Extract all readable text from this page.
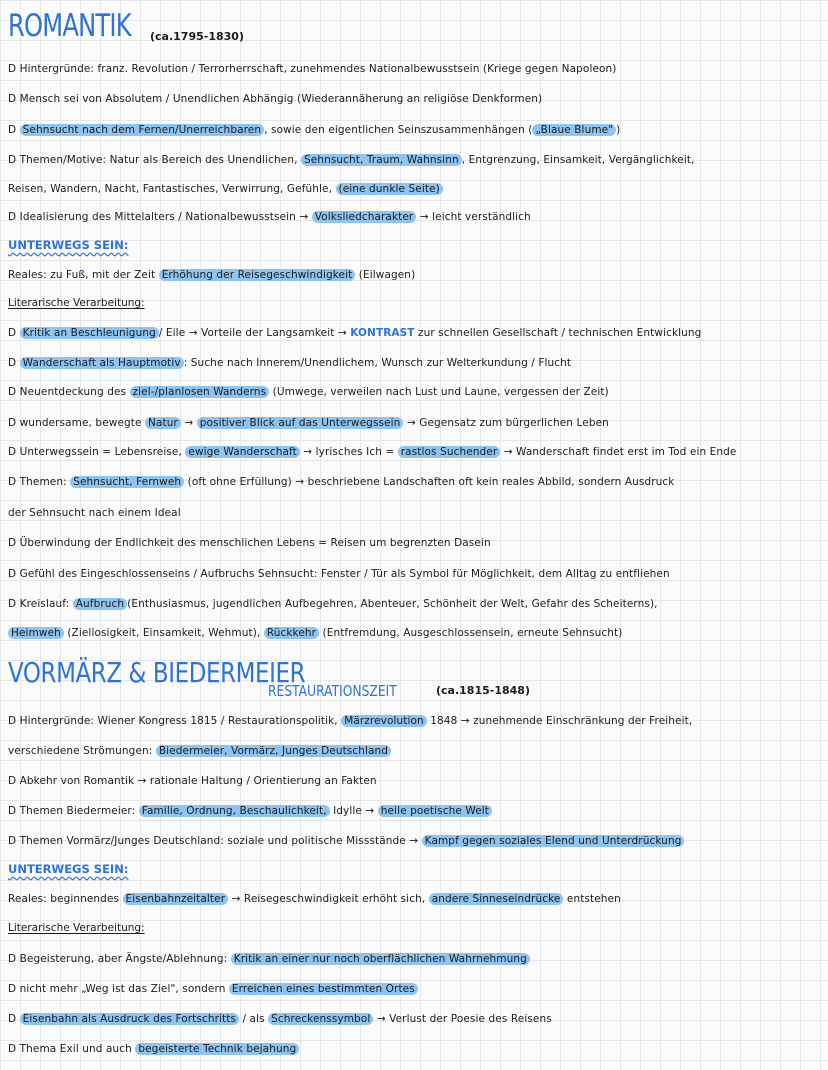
ROMANTIK (ca.1795-1830)
D Hintergründe: franz. Revolution / Terrorherrschaft, zunehmendes Nationalbewusstsein (Kriege gegen Napoleon)
D Mensch sei von Absolutem / Unendlichen Abhängig (Wiederannäherung an religiöse Denkformen)
D Sehnsucht nach dem Fernen/Unerreichbaren , sowie den eigentlichen Seinszusammenhängen ( „Blaue Blume" )
D Themen/Motive: Natur als Bereich des Unendlichen, Sehnsucht, Traum, Wahnsinn , Entgrenzung, Einsamkeit, Vergänglichkeit,
Reisen, Wandern, Nacht, Fantastisches, Verwirrung, Gefühle, (eine dunkle Seite)
D Idealisierung des Mittelalters / Nationalbewusstsein → Volksliedcharakter → leicht verständlich
UNTERWEGS SEIN:
Reales: zu Fuß, mit der Zeit Erhöhung der Reisegeschwindigkeit (Eilwagen)
Literarische Verarbeitung:
D Kritik an Beschleunigung / Eile → Vorteile der Langsamkeit → KONTRAST zur schnellen Gesellschaft / technischen Entwicklung
D Wanderschaft als Hauptmotiv : Suche nach Innerem/Unendlichem, Wunsch zur Welterkundung / Flucht
D Neuentdeckung des ziel-/planlosen Wanderns (Umwege, verweilen nach Lust und Laune, vergessen der Zeit)
D wundersame, bewegte Natur → positiver Blick auf das Unterwegssein → Gegensatz zum bürgerlichen Leben
D Unterwegssein = Lebensreise, ewige Wanderschaft → lyrisches Ich = rastlos Suchender → Wanderschaft findet erst im Tod ein Ende
D Themen: Sehnsucht, Fernweh (oft ohne Erfüllung) → beschriebene Landschaften oft kein reales Abbild, sondern Ausdruck
der Sehnsucht nach einem Ideal
D Überwindung der Endlichkeit des menschlichen Lebens = Reisen um begrenzten Dasein
D Gefühl des Eingeschlossenseins / Aufbruchs Sehnsucht: Fenster / Tür als Symbol für Möglichkeit, dem Alltag zu entfliehen
D Kreislauf: Aufbruch (Enthusiasmus, jugendlichen Aufbegehren, Abenteuer, Schönheit der Welt, Gefahr des Scheiterns),
Heimweh (Ziellosigkeit, Einsamkeit, Wehmut), Rückkehr (Entfremdung, Ausgeschlossensein, erneute Sehnsucht)
VORMÄRZ & BIEDERMEIER
RESTAURATIONSZEIT	(ca.1815-1848)
D Hintergründe: Wiener Kongress 1815 / Restaurationspolitik, Märzrevolution 1848 → zunehmende Einschränkung der Freiheit,
verschiedene Strömungen: Biedermeier, Vormärz, Junges Deutschland
D Abkehr von Romantik → rationale Haltung / Orientierung an Fakten
D Themen Biedermeier: Familie, Ordnung, Beschaulichkeit, Idylle → heile poetische Welt
D Themen Vormärz/Junges Deutschland: soziale und politische Missstände → Kampf gegen soziales Elend und Unterdrückung
UNTERWEGS SEIN:
Reales: beginnendes Eisenbahnzeitalter → Reisegeschwindigkeit erhöht sich, andere Sinneseindrücke entstehen
Literarische Verarbeitung:
D Begeisterung, aber Ängste/Ablehnung: Kritik an einer nur noch oberflächlichen Wahrnehmung
D nicht mehr „Weg ist das Ziel", sondern Erreichen eines bestimmten Ortes
D Eisenbahn als Ausdruck des Fortschritts / als Schreckenssymbol → Verlust der Poesie des Reisens
D Thema Exil und auch begeisterte Technik bejahung
